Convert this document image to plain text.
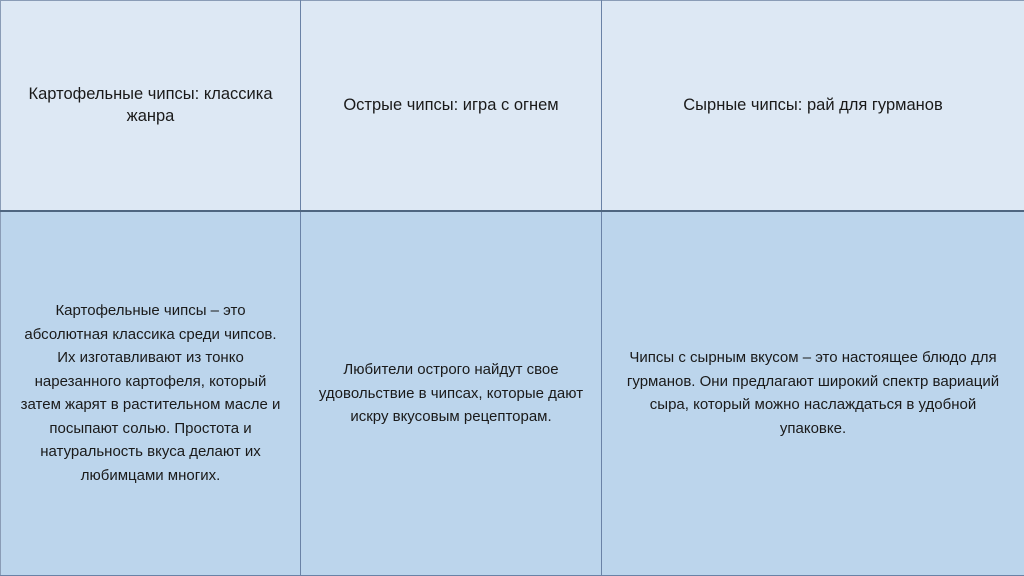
Картофельные чипсы: классика жанра	Острые чипсы: игра с огнем	Сырные чипсы: рай для гурманов

Картофельные чипсы – это абсолютная классика среди чипсов. Их изготавливают из тонко нарезанного картофеля, который затем жарят в растительном масле и посыпают солью. Простота и натуральность вкуса делают их любимцами многих.	Любители острого найдут свое удовольствие в чипсах, которые дают искру вкусовым рецепторам.	Чипсы с сырным вкусом – это настоящее блюдо для гурманов. Они предлагают широкий спектр вариаций сыра, который можно наслаждаться в удобной упаковке.
